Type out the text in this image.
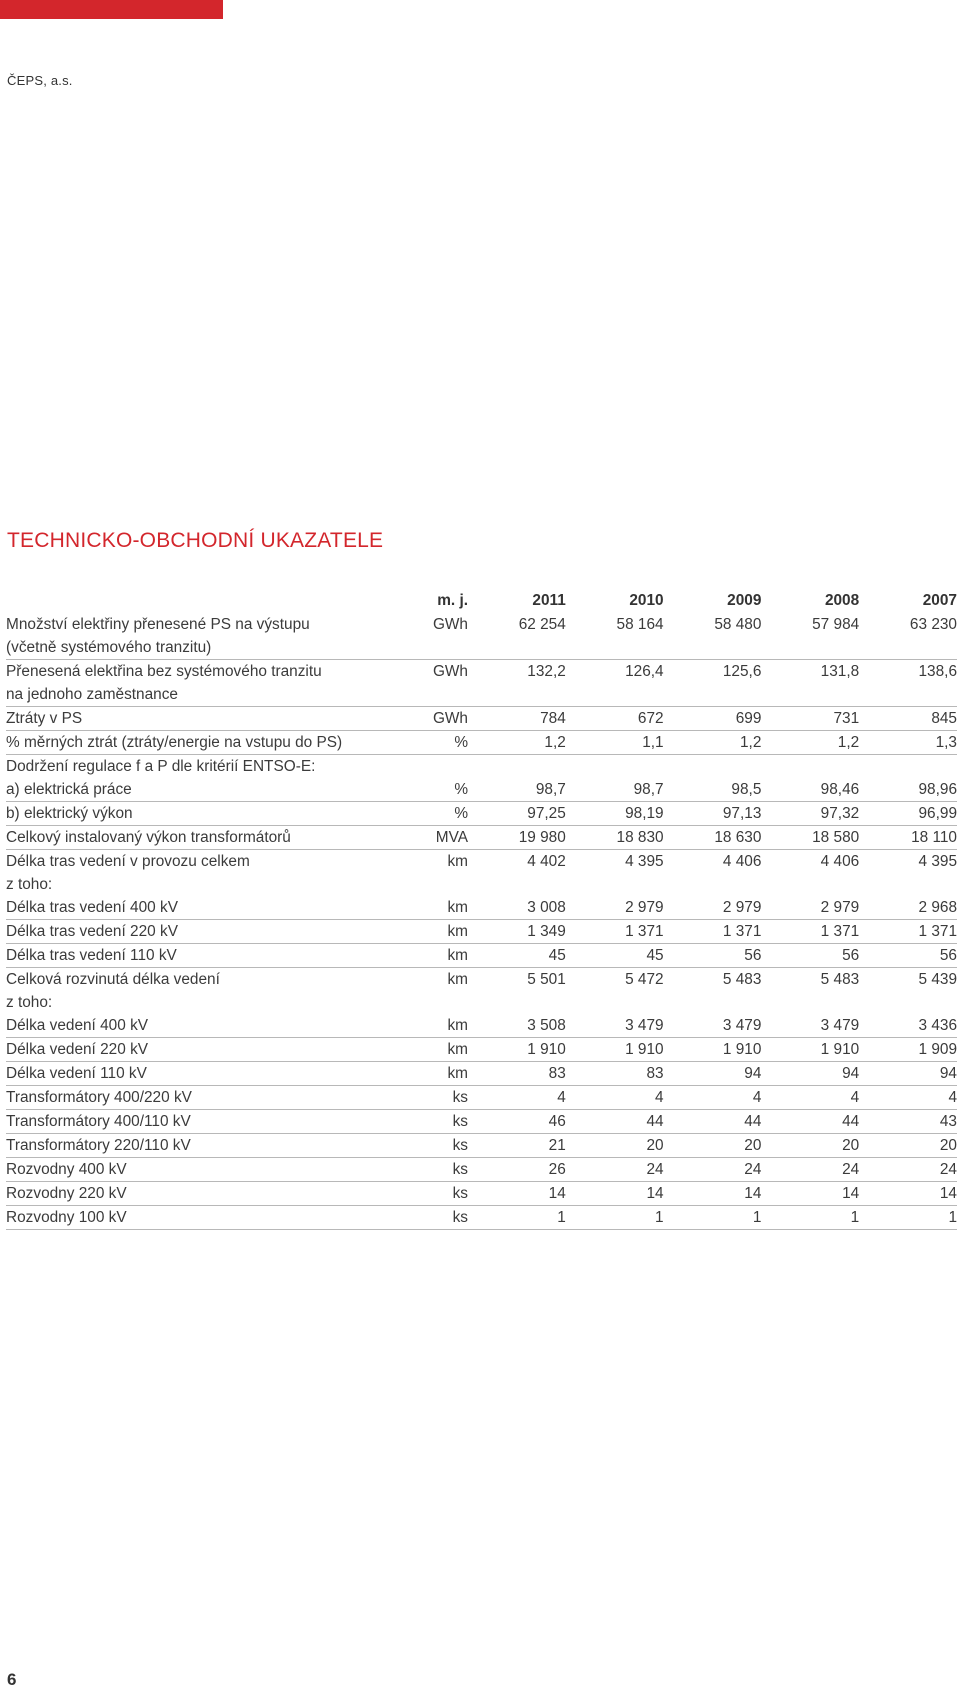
ČEPS, a.s.
TECHNICKO-OBCHODNÍ UKAZATELE
	m. j.	2011	2010	2009	2008	2007
Množství elektřiny přenesené PS na výstupu	GWh	62 254	58 164	58 480	57 984	63 230
(včetně systémového tranzitu)						
Přenesená elektřina bez systémového tranzitu	GWh	132,2	126,4	125,6	131,8	138,6
na jednoho zaměstnance						
Ztráty v PS	GWh	784	672	699	731	845
% měrných ztrát (ztráty/energie na vstupu do PS)	%	1,2	1,1	1,2	1,2	1,3
Dodržení regulace f a P dle kritérií ENTSO-E:						
a) elektrická práce	%	98,7	98,7	98,5	98,46	98,96
b) elektrický výkon	%	97,25	98,19	97,13	97,32	96,99
Celkový instalovaný výkon transformátorů	MVA	19 980	18 830	18 630	18 580	18 110
Délka tras vedení v provozu celkem	km	4 402	4 395	4 406	4 406	4 395
z toho:						
Délka tras vedení 400 kV	km	3 008	2 979	2 979	2 979	2 968
Délka tras vedení 220 kV	km	1 349	1 371	1 371	1 371	1 371
Délka tras vedení 110 kV	km	45	45	56	56	56
Celková rozvinutá délka vedení	km	5 501	5 472	5 483	5 483	5 439
z toho:						
Délka vedení 400 kV	km	3 508	3 479	3 479	3 479	3 436
Délka vedení 220 kV	km	1 910	1 910	1 910	1 910	1 909
Délka vedení 110 kV	km	83	83	94	94	94
Transformátory 400/220 kV	ks	4	4	4	4	4
Transformátory 400/110 kV	ks	46	44	44	44	43
Transformátory 220/110 kV	ks	21	20	20	20	20
Rozvodny 400 kV	ks	26	24	24	24	24
Rozvodny 220 kV	ks	14	14	14	14	14
Rozvodny 100 kV	ks	1	1	1	1	1
6
